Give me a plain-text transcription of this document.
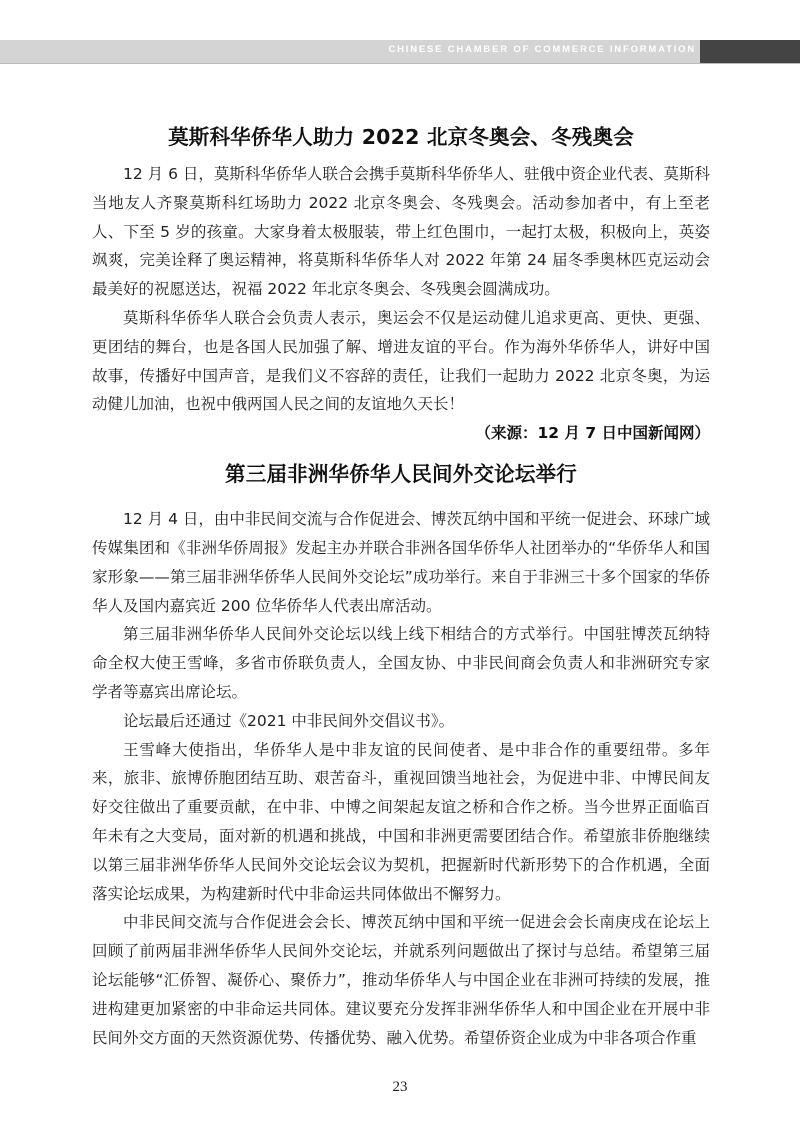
CHINESE CHAMBER OF COMMERCE INFORMATION
莫斯科华侨华人助力 2022 北京冬奥会、冬残奥会

12 月 6 日，莫斯科华侨华人联合会携手莫斯科华侨华人、驻俄中资企业代表、莫斯科当地友人齐聚莫斯科红场助力 2022 北京冬奥会、冬残奥会。活动参加者中，有上至老人、下至 5 岁的孩童。大家身着太极服装，带上红色围巾，一起打太极，积极向上，英姿飒爽，完美诠释了奥运精神，将莫斯科华侨华人对 2022 年第 24 届冬季奥林匹克运动会最美好的祝愿送达，祝福 2022 年北京冬奥会、冬残奥会圆满成功。

莫斯科华侨华人联合会负责人表示，奥运会不仅是运动健儿追求更高、更快、更强、更团结的舞台，也是各国人民加强了解、增进友谊的平台。作为海外华侨华人，讲好中国故事，传播好中国声音，是我们义不容辞的责任，让我们一起助力 2022 北京冬奥，为运动健儿加油，也祝中俄两国人民之间的友谊地久天长！
（来源：12 月 7 日中国新闻网）

第三届非洲华侨华人民间外交论坛举行

12 月 4 日，由中非民间交流与合作促进会、博茨瓦纳中国和平统一促进会、环球广域传媒集团和《非洲华侨周报》发起主办并联合非洲各国华侨华人社团举办的“华侨华人和国家形象——第三届非洲华侨华人民间外交论坛”成功举行。来自于非洲三十多个国家的华侨华人及国内嘉宾近 200 位华侨华人代表出席活动。

第三届非洲华侨华人民间外交论坛以线上线下相结合的方式举行。中国驻博茨瓦纳特命全权大使王雪峰，多省市侨联负责人，全国友协、中非民间商会负责人和非洲研究专家学者等嘉宾出席论坛。

论坛最后还通过《2021 中非民间外交倡议书》。

王雪峰大使指出，华侨华人是中非友谊的民间使者、是中非合作的重要纽带。多年来，旅非、旅博侨胞团结互助、艰苦奋斗，重视回馈当地社会，为促进中非、中博民间友好交往做出了重要贡献，在中非、中博之间架起友谊之桥和合作之桥。当今世界正面临百年未有之大变局，面对新的机遇和挑战，中国和非洲更需要团结合作。希望旅非侨胞继续以第三届非洲华侨华人民间外交论坛会议为契机，把握新时代新形势下的合作机遇，全面落实论坛成果，为构建新时代中非命运共同体做出不懈努力。

中非民间交流与合作促进会会长、博茨瓦纳中国和平统一促进会会长南庚戌在论坛上回顾了前两届非洲华侨华人民间外交论坛，并就系列问题做出了探讨与总结。希望第三届论坛能够“汇侨智、凝侨心、聚侨力”，推动华侨华人与中国企业在非洲可持续的发展，推进构建更加紧密的中非命运共同体。建议要充分发挥非洲华侨华人和中国企业在开展中非民间外交方面的天然资源优势、传播优势、融入优势。希望侨资企业成为中非各项合作重

23
